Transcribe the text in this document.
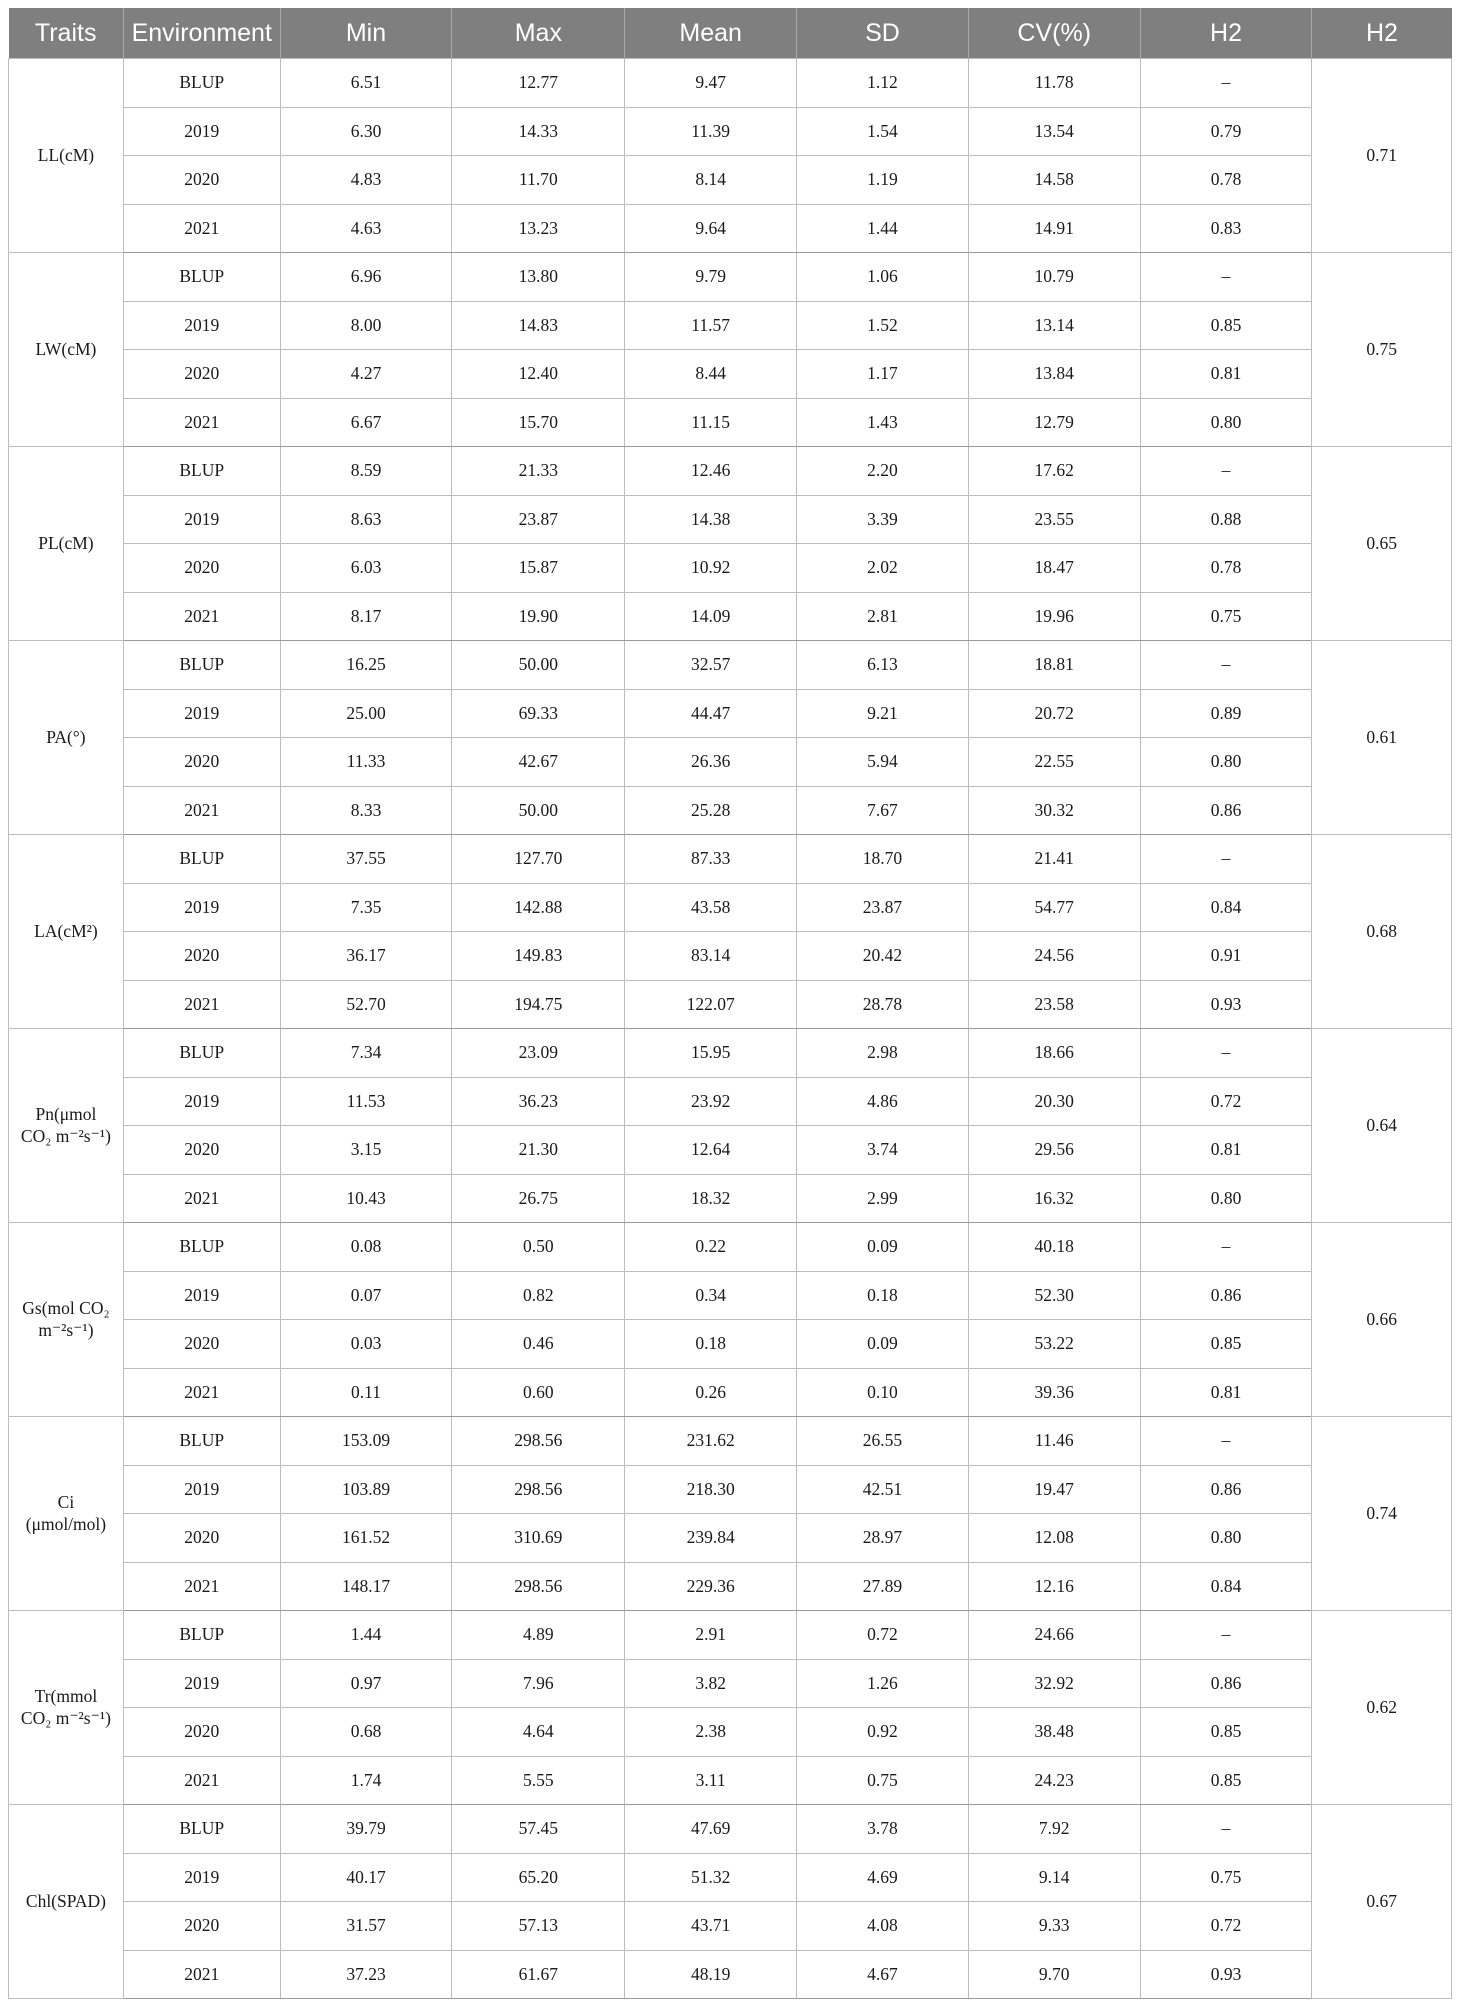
Traits	Environment	Min	Max	Mean	SD	CV(%)	H2	H2
LL(cM)	BLUP	6.51	12.77	9.47	1.12	11.78	–	0.71
	2019	6.30	14.33	11.39	1.54	13.54	0.79	
	2020	4.83	11.70	8.14	1.19	14.58	0.78	
	2021	4.63	13.23	9.64	1.44	14.91	0.83	
LW(cM)	BLUP	6.96	13.80	9.79	1.06	10.79	–	0.75
	2019	8.00	14.83	11.57	1.52	13.14	0.85	
	2020	4.27	12.40	8.44	1.17	13.84	0.81	
	2021	6.67	15.70	11.15	1.43	12.79	0.80	
PL(cM)	BLUP	8.59	21.33	12.46	2.20	17.62	–	0.65
	2019	8.63	23.87	14.38	3.39	23.55	0.88	
	2020	6.03	15.87	10.92	2.02	18.47	0.78	
	2021	8.17	19.90	14.09	2.81	19.96	0.75	
PA(°)	BLUP	16.25	50.00	32.57	6.13	18.81	–	0.61
	2019	25.00	69.33	44.47	9.21	20.72	0.89	
	2020	11.33	42.67	26.36	5.94	22.55	0.80	
	2021	8.33	50.00	25.28	7.67	30.32	0.86	
LA(cM²)	BLUP	37.55	127.70	87.33	18.70	21.41	–	0.68
	2019	7.35	142.88	43.58	23.87	54.77	0.84	
	2020	36.17	149.83	83.14	20.42	24.56	0.91	
	2021	52.70	194.75	122.07	28.78	23.58	0.93	
Pn(μmol
CO₂ m⁻²s⁻¹)	BLUP	7.34	23.09	15.95	2.98	18.66	–	0.64
	2019	11.53	36.23	23.92	4.86	20.30	0.72	
	2020	3.15	21.30	12.64	3.74	29.56	0.81	
	2021	10.43	26.75	18.32	2.99	16.32	0.80	
Gs(mol CO₂
m⁻²s⁻¹)	BLUP	0.08	0.50	0.22	0.09	40.18	–	0.66
	2019	0.07	0.82	0.34	0.18	52.30	0.86	
	2020	0.03	0.46	0.18	0.09	53.22	0.85	
	2021	0.11	0.60	0.26	0.10	39.36	0.81	
Ci
(μmol/mol)	BLUP	153.09	298.56	231.62	26.55	11.46	–	0.74
	2019	103.89	298.56	218.30	42.51	19.47	0.86	
	2020	161.52	310.69	239.84	28.97	12.08	0.80	
	2021	148.17	298.56	229.36	27.89	12.16	0.84	
Tr(mmol
CO₂ m⁻²s⁻¹)	BLUP	1.44	4.89	2.91	0.72	24.66	–	0.62
	2019	0.97	7.96	3.82	1.26	32.92	0.86	
	2020	0.68	4.64	2.38	0.92	38.48	0.85	
	2021	1.74	5.55	3.11	0.75	24.23	0.85	
Chl(SPAD)	BLUP	39.79	57.45	47.69	3.78	7.92	–	0.67
	2019	40.17	65.20	51.32	4.69	9.14	0.75	
	2020	31.57	57.13	43.71	4.08	9.33	0.72	
	2021	37.23	61.67	48.19	4.67	9.70	0.93	
